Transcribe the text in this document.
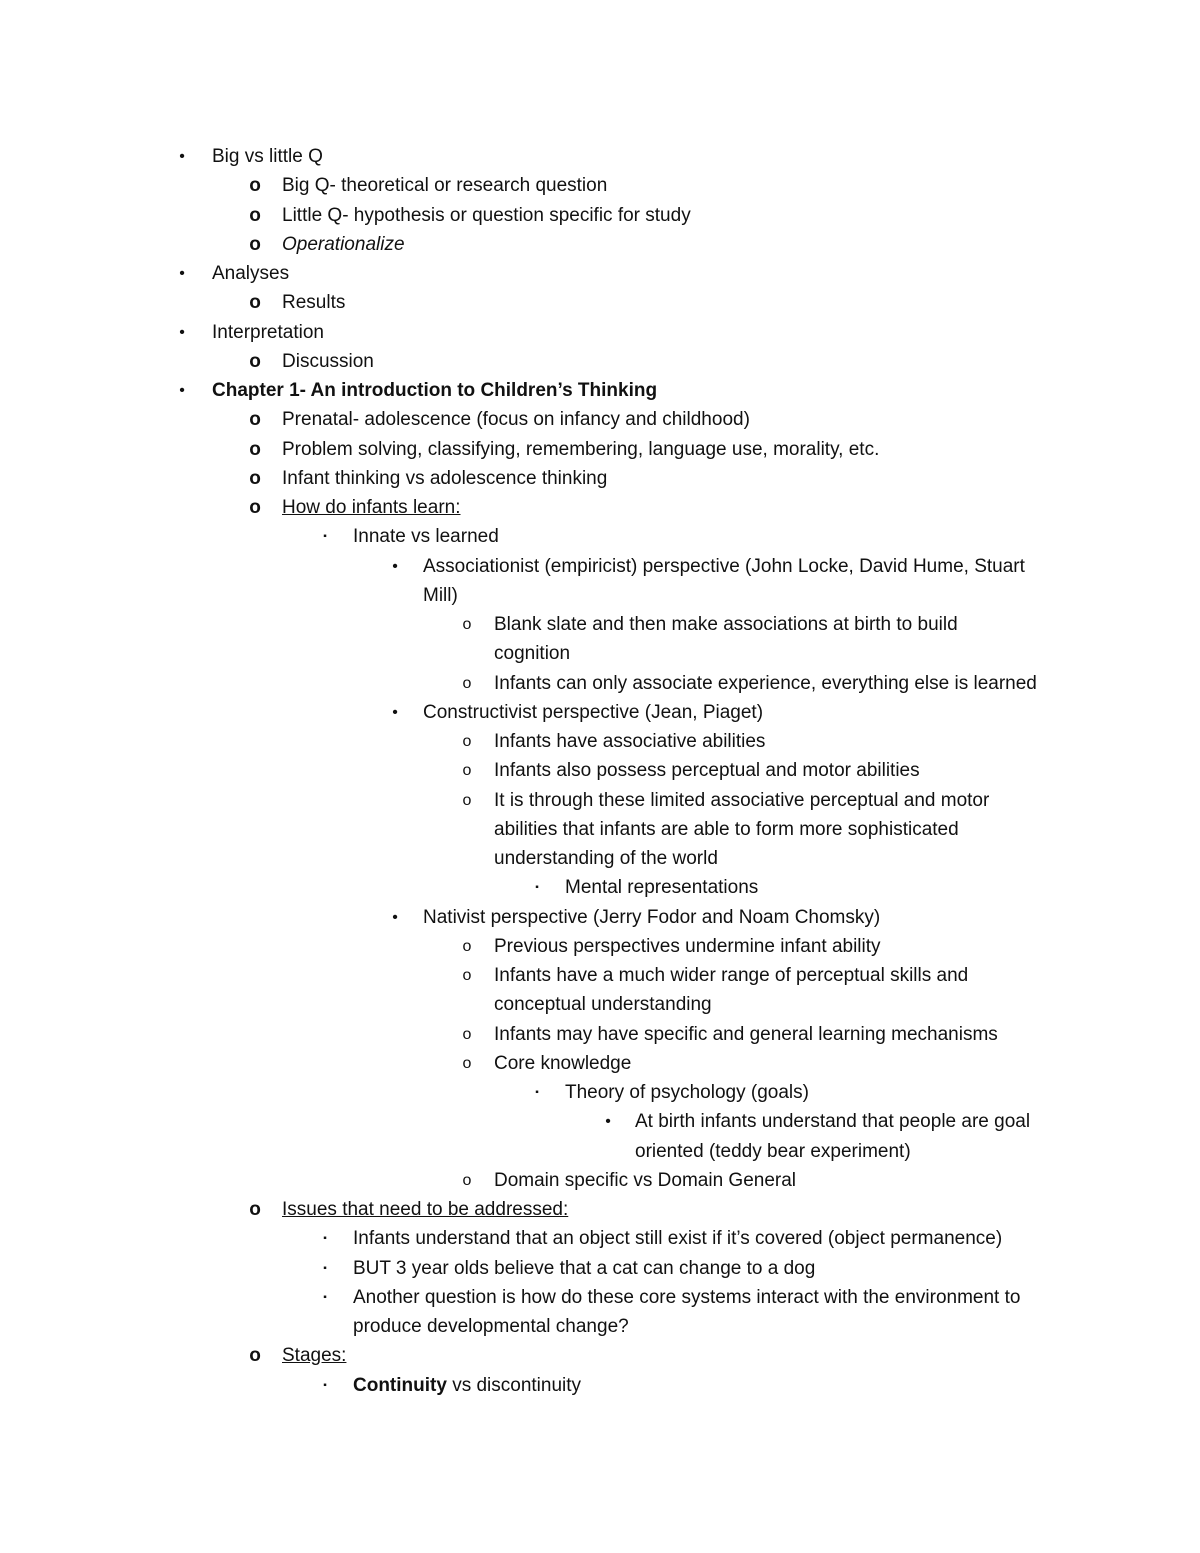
•	Big vs little Q
o	Big Q- theoretical or research question
o	Little Q- hypothesis or question specific for study
o	Operationalize
•	Analyses
o	Results
•	Interpretation
o	Discussion
•	Chapter 1- An introduction to Children’s Thinking
o	Prenatal- adolescence (focus on infancy and childhood)
o	Problem solving, classifying, remembering, language use, morality, etc.
o	Infant thinking vs adolescence thinking
o	How do infants learn:
▪	Innate vs learned
•	Associationist (empiricist) perspective (John Locke, David Hume, Stuart
Mill)
o	Blank slate and then make associations at birth to build
cognition
o	Infants can only associate experience, everything else is learned
•	Constructivist perspective (Jean, Piaget)
o	Infants have associative abilities
o	Infants also possess perceptual and motor abilities
o	It is through these limited associative perceptual and motor
abilities that infants are able to form more sophisticated
understanding of the world
▪	Mental representations
•	Nativist perspective (Jerry Fodor and Noam Chomsky)
o	Previous perspectives undermine infant ability
o	Infants have a much wider range of perceptual skills and
conceptual understanding
o	Infants may have specific and general learning mechanisms
o	Core knowledge
▪	Theory of psychology (goals)
•	At birth infants understand that people are goal
oriented (teddy bear experiment)
o	Domain specific vs Domain General
o	Issues that need to be addressed:
▪	Infants understand that an object still exist if it’s covered (object permanence)
▪	BUT 3 year olds believe that a cat can change to a dog
▪	Another question is how do these core systems interact with the environment to
produce developmental change?
o	Stages:
▪	Continuity vs discontinuity
